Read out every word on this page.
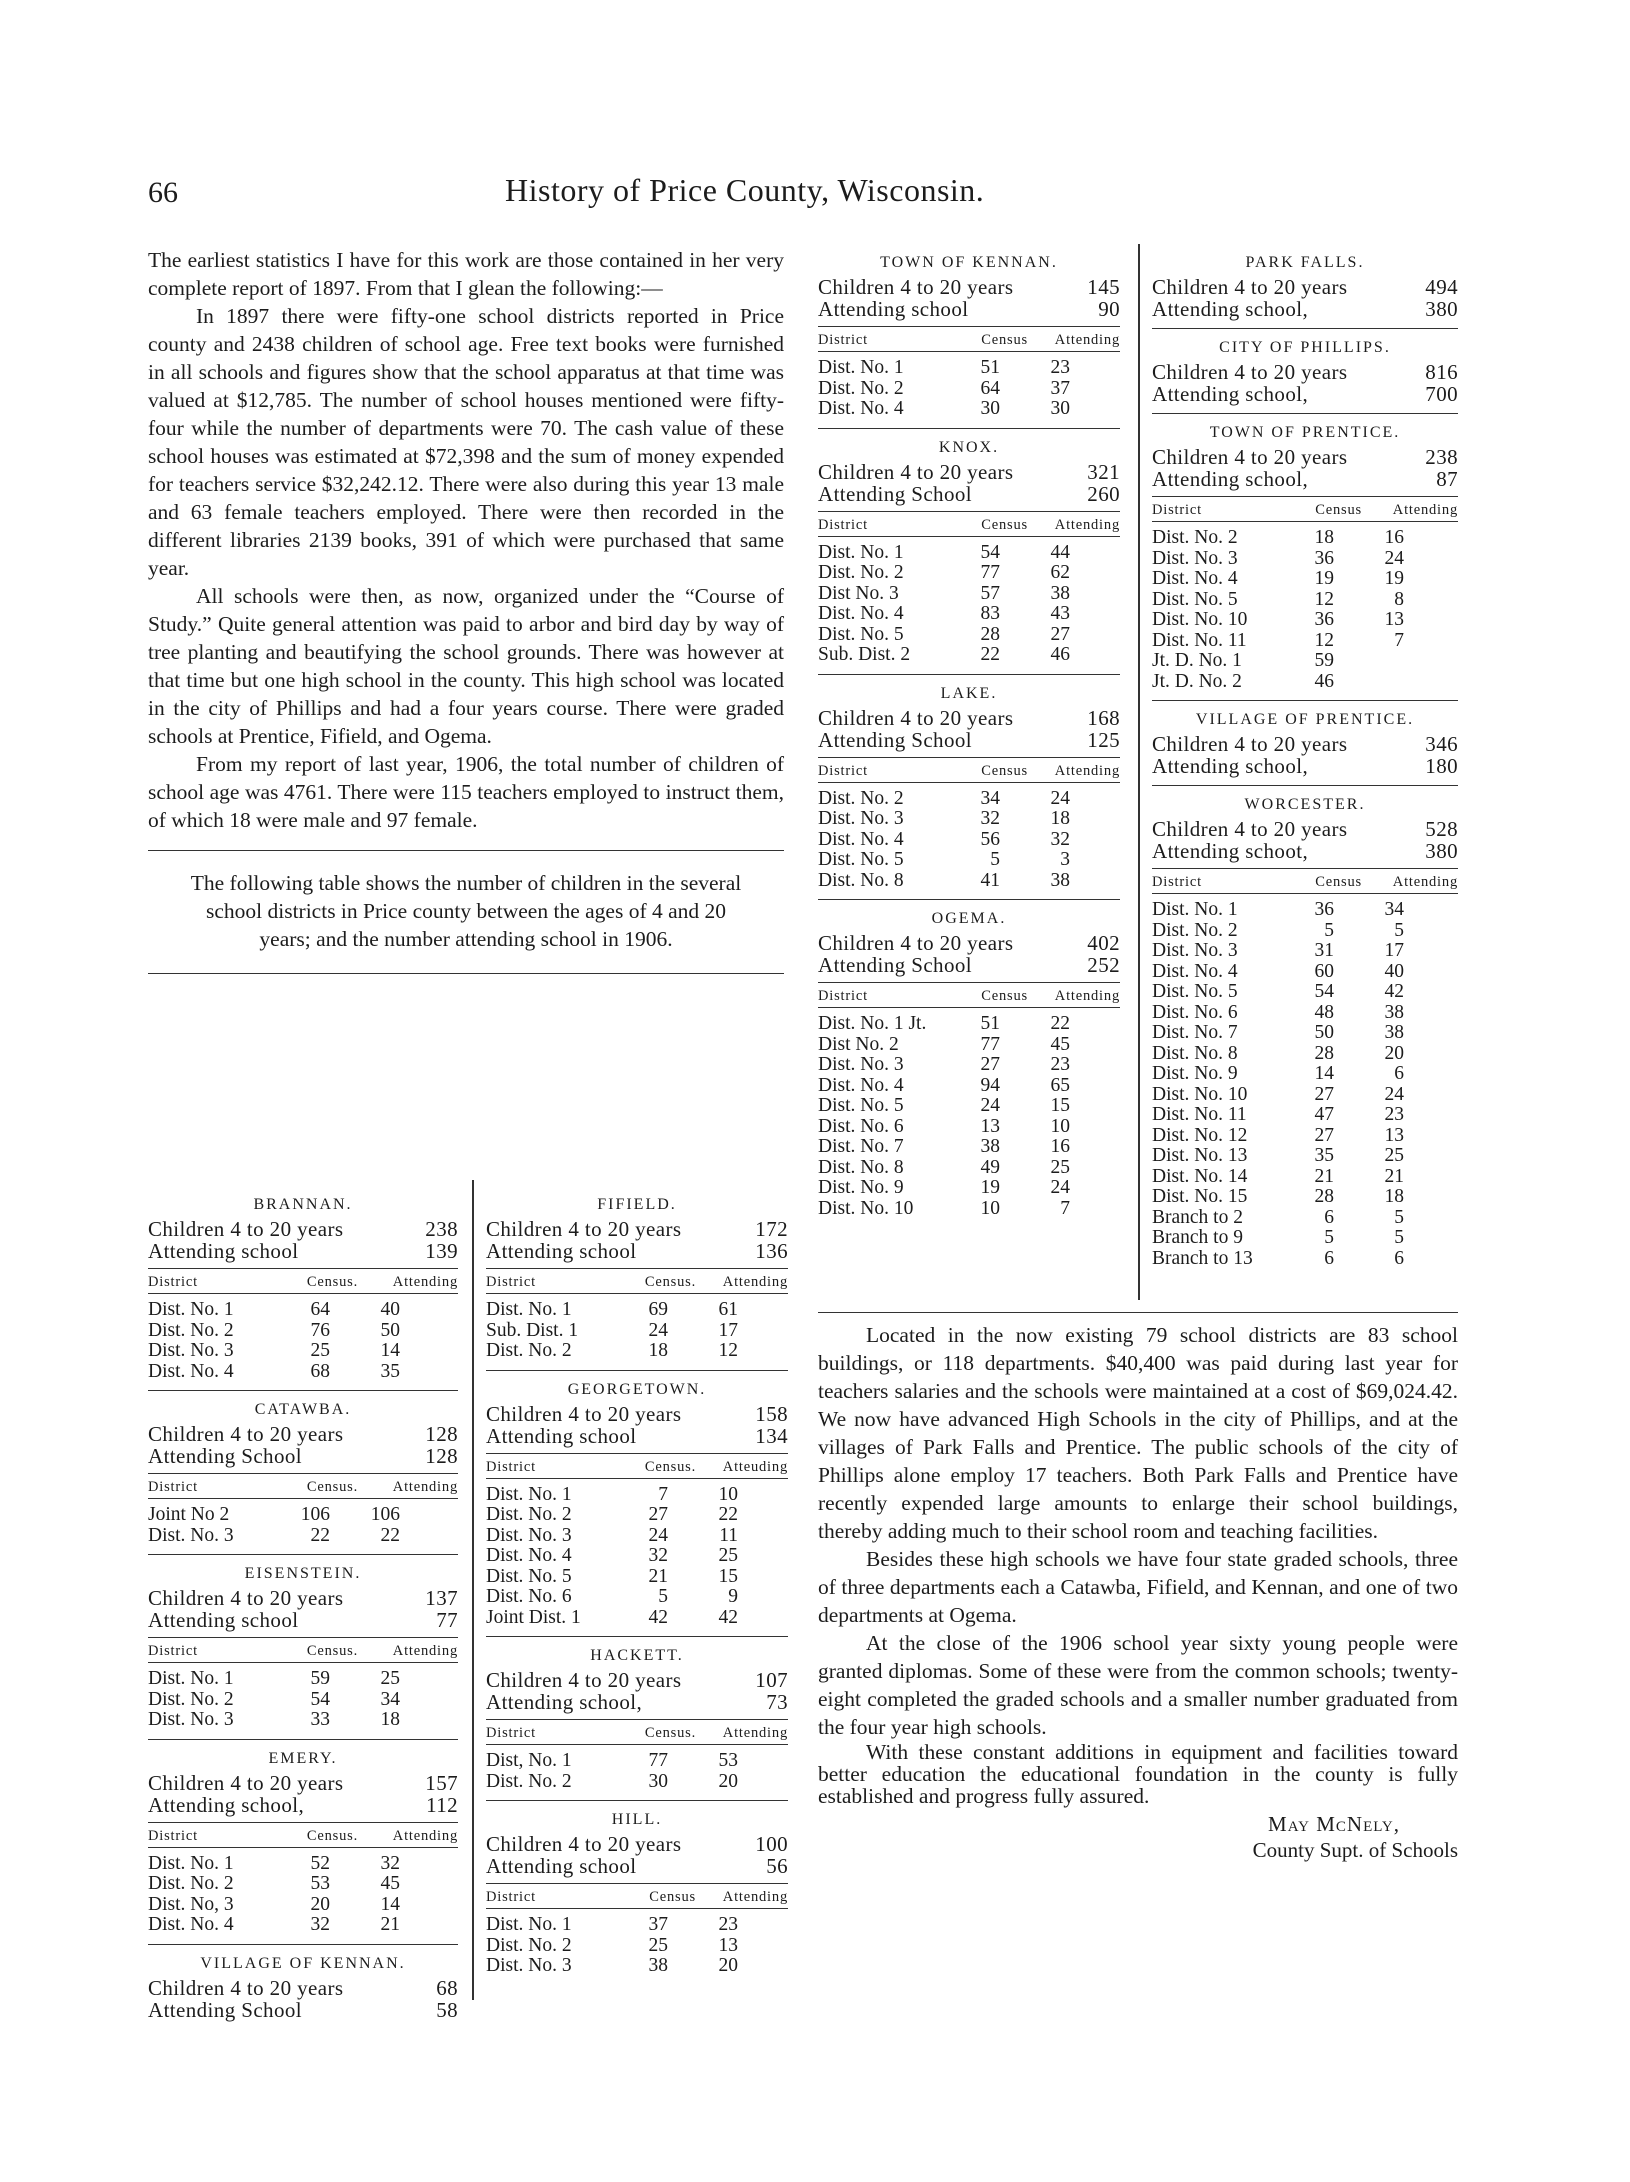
66	History of Price County, Wisconsin.

The earliest statistics I have for this work are those contained in her very complete report of 1897. From that I glean the following:—

In 1897 there were fifty-one school districts reported in Price county and 2438 children of school age. Free text books were furnished in all schools and figures show that the school apparatus at that time was valued at $12,785. The number of school houses mentioned were fifty-four while the number of departments were 70. The cash value of these school houses was estimated at $72,398 and the sum of money expended for teachers service $32,242.12. There were also during this year 13 male and 63 female teachers employed. There were then recorded in the different libraries 2139 books, 391 of which were purchased that same year.

All schools were then, as now, organized under the “Course of Study.” Quite general attention was paid to arbor and bird day by way of tree planting and beautifying the school grounds. There was however at that time but one high school in the county. This high school was located in the city of Phillips and had a four years course. There were graded schools at Prentice, Fifield, and Ogema.

From my report of last year, 1906, the total number of children of school age was 4761. There were 115 teachers employed to instruct them, of which 18 were male and 97 female.

The following table shows the number of children in the several school districts in Price county between the ages of 4 and 20 years; and the number attending school in 1906.

BRANNAN.
Children 4 to 20 years	238
Attending school	139
District	Census.	Attending
Dist. No. 1	64	40
Dist. No. 2	76	50
Dist. No. 3	25	14
Dist. No. 4	68	35
CATAWBA.
Children 4 to 20 years	128
Attending School	128
District	Census.	Attending
Joint No 2	106	106
Dist. No. 3	22	22
EISENSTEIN.
Children 4 to 20 years	137
Attending school	77
District	Census.	Attending
Dist. No. 1	59	25
Dist. No. 2	54	34
Dist. No. 3	33	18
EMERY.
Children 4 to 20 years	157
Attending school,	112
District	Census.	Attending
Dist. No. 1	52	32
Dist. No. 2	53	45
Dist. No, 3	20	14
Dist. No. 4	32	21
VILLAGE OF KENNAN.
Children 4 to 20 years	68
Attending School	58
FIFIELD.
Children 4 to 20 years	172
Attending school	136
District	Census.	Attending
Dist. No. 1	69	61
Sub. Dist. 1	24	17
Dist. No. 2	18	12
GEORGETOWN.
Children 4 to 20 years	158
Attending school	134
District	Census.	Atteuding
Dist. No. 1	7	10
Dist. No. 2	27	22
Dist. No. 3	24	11
Dist. No. 4	32	25
Dist. No. 5	21	15
Dist. No. 6	5	9
Joint Dist. 1	42	42
HACKETT.
Children 4 to 20 years	107
Attending school,	73
District	Census.	Attending
Dist, No. 1	77	53
Dist. No. 2	30	20
HILL.
Children 4 to 20 years	100
Attending school	56
District	Census	Attending
Dist. No. 1	37	23
Dist. No. 2	25	13
Dist. No. 3	38	20
TOWN OF KENNAN.
Children 4 to 20 years	145
Attending school	90
District	Census	Attending
Dist. No. 1	51	23
Dist. No. 2	64	37
Dist. No. 4	30	30
KNOX.
Children 4 to 20 years	321
Attending School	260
District	Census	Attending
Dist. No. 1	54	44
Dist. No. 2	77	62
Dist No. 3	57	38
Dist. No. 4	83	43
Dist. No. 5	28	27
Sub. Dist. 2	22	46
LAKE.
Children 4 to 20 years	168
Attending School	125
District	Census	Attending
Dist. No. 2	34	24
Dist. No. 3	32	18
Dist. No. 4	56	32
Dist. No. 5	5	3
Dist. No. 8	41	38
OGEMA.
Children 4 to 20 years	402
Attending School	252
District	Census	Attending
Dist. No. 1 Jt.	51	22
Dist No. 2	77	45
Dist. No. 3	27	23
Dist. No. 4	94	65
Dist. No. 5	24	15
Dist. No. 6	13	10
Dist. No. 7	38	16
Dist. No. 8	49	25
Dist. No. 9	19	24
Dist. No. 10	10	7
PARK FALLS.
Children 4 to 20 years	494
Attending school,	380
CITY OF PHILLIPS.
Children 4 to 20 years	816
Attending school,	700
TOWN OF PRENTICE.
Children 4 to 20 years	238
Attending school,	87
District	Census	Attending
Dist. No. 2	18	16
Dist. No. 3	36	24
Dist. No. 4	19	19
Dist. No. 5	12	8
Dist. No. 10	36	13
Dist. No. 11	12	7
Jt. D. No. 1	59
Jt. D. No. 2	46
VILLAGE OF PRENTICE.
Children 4 to 20 years	346
Attending school,	180
WORCESTER.
Children 4 to 20 years	528
Attending schoot,	380
District	Census	Attending
Dist. No. 1	36	34
Dist. No. 2	5	5
Dist. No. 3	31	17
Dist. No. 4	60	40
Dist. No. 5	54	42
Dist. No. 6	48	38
Dist. No. 7	50	38
Dist. No. 8	28	20
Dist. No. 9	14	6
Dist. No. 10	27	24
Dist. No. 11	47	23
Dist. No. 12	27	13
Dist. No. 13	35	25
Dist. No. 14	21	21
Dist. No. 15	28	18
Branch to 2	6	5
Branch to 9	5	5
Branch to 13	6	6

Located in the now existing 79 school districts are 83 school buildings, or 118 departments. $40,400 was paid during last year for teachers salaries and the schools were maintained at a cost of $69,024.42. We now have advanced High Schools in the city of Phillips, and at the villages of Park Falls and Prentice. The public schools of the city of Phillips alone employ 17 teachers. Both Park Falls and Prentice have recently expended large amounts to enlarge their school buildings, thereby adding much to their school room and teaching facilities.

Besides these high schools we have four state graded schools, three of three departments each a Catawba, Fifield, and Kennan, and one of two departments at Ogema.

At the close of the 1906 school year sixty young people were granted diplomas. Some of these were from the common schools; twenty-eight completed the graded schools and a smaller number graduated from the four year high schools.

With these constant additions in equipment and facilities toward better education the educational foundation in the county is fully established and progress fully assured.

May McNely,
County Supt. of Schools
